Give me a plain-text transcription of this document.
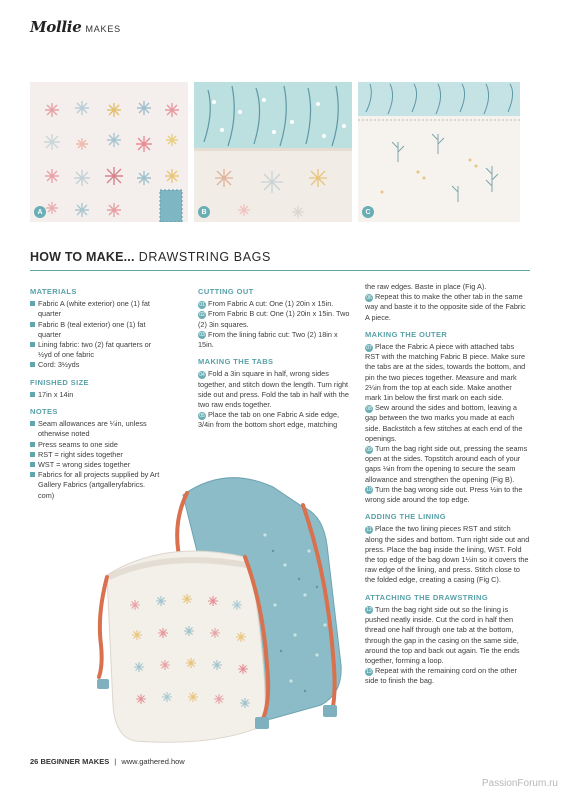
Mollie MAKES
A	B	C
HOW TO MAKE... DRAWSTRING BAGS
MATERIALS
Fabric A (white exterior) one (1) fat quarter
Fabric B (teal exterior) one (1) fat quarter
Lining fabric: two (2) fat quarters or ½yd of one fabric
Cord: 3½yds
FINISHED SIZE
17in x 14in
NOTES
Seam allowances are ¼in, unless otherwise noted
Press seams to one side
RST = right sides together
WST = wrong sides together
Fabrics for all projects supplied by Art Gallery Fabrics (artgalleryfabrics. com)
CUTTING OUT
01 From Fabric A cut: One (1) 20in x 15in.
02 From Fabric B cut: One (1) 20in x 15in. Two (2) 3in squares.
03 From the lining fabric cut: Two (2) 18in x 15in.
MAKING THE TABS
04 Fold a 3in square in half, wrong sides together, and stitch down the length. Turn right side out and press. Fold the tab in half with the two raw ends together.
05 Place the tab on one Fabric A side edge, 3/4in from the bottom short edge, matching
the raw edges. Baste in place (Fig A).
06 Repeat this to make the other tab in the same way and baste it to the opposite side of the Fabric A piece.
MAKING THE OUTER
07 Place the Fabric A piece with attached tabs RST with the matching Fabric B piece. Make sure the tabs are at the sides, towards the bottom, and pin the two pieces together. Measure and mark 2¼in from the top at each side. Make another mark 1in below the first mark on each side.
08 Sew around the sides and bottom, leaving a gap between the two marks you made at each side. Backstitch a few stitches at each end of the openings.
09 Turn the bag right side out, pressing the seams open at the sides. Topstitch around each of your gaps ⅛in from the opening to secure the seam allowance and strengthen the opening (Fig B).
10 Turn the bag wrong side out. Press ½in to the wrong side around the top edge.
ADDING THE LINING
11 Place the two lining pieces RST and stitch along the sides and bottom. Turn right side out and press. Place the bag inside the lining, WST. Fold the top edge of the bag down 1½in so it covers the raw edge of the lining, and press. Stitch close to the folded edge, creating a casing (Fig C).
ATTACHING THE DRAWSTRING
12 Turn the bag right side out so the lining is pushed neatly inside. Cut the cord in half then thread one half through one tab at the bottom, through the gap in the casing on the same side, around the top and back out again. Tie the ends together, forming a loop.
13 Repeat with the remaining cord on the other side to finish the bag.
26 BEGINNER MAKES | www.gathered.how
PassionForum.ru
